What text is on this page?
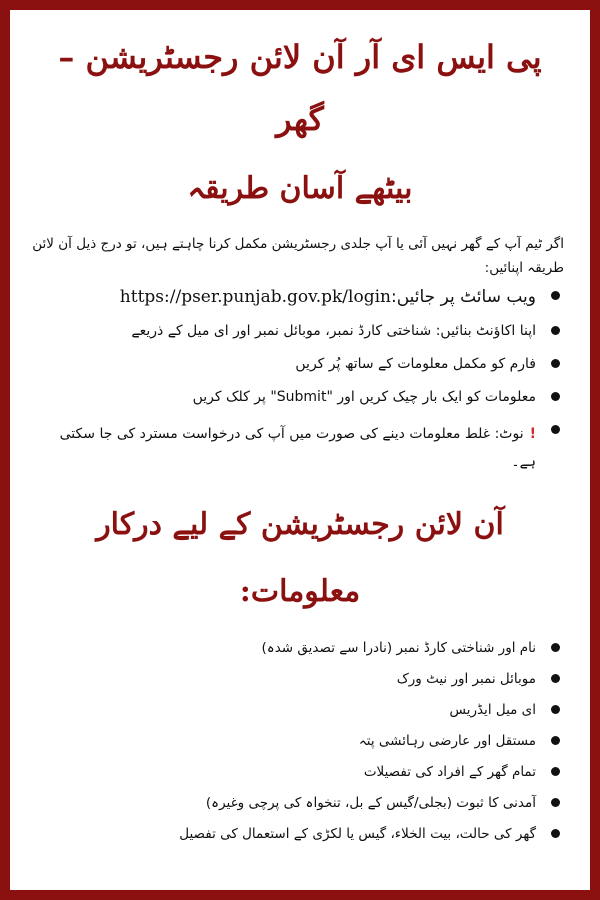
پی ایس ای آر آن لائن رجسٹریشن – گھر
بیٹھے آسان طریقہ

اگر ٹیم آپ کے گھر نہیں آئی یا آپ جلدی رجسٹریشن مکمل کرنا چاہتے ہیں، تو درج ذیل آن لائن طریقہ اپنائیں:

ویب سائٹ پر جائیں:https://pser.punjab.gov.pk/login
اپنا اکاؤنٹ بنائیں: شناختی کارڈ نمبر، موبائل نمبر اور ای میل کے ذریعے
فارم کو مکمل معلومات کے ساتھ پُر کریں
معلومات کو ایک بار چیک کریں اور "Submit" پر کلک کریں
!نوٹ: غلط معلومات دینے کی صورت میں آپ کی درخواست مسترد کی جا سکتی ہے۔
آن لائن رجسٹریشن کے لیے درکار
معلومات:
نام اور شناختی کارڈ نمبر (نادرا سے تصدیق شدہ)
موبائل نمبر اور نیٹ ورک
ای میل ایڈریس
مستقل اور عارضی رہائشی پتہ
تمام گھر کے افراد کی تفصیلات
آمدنی کا ثبوت (بجلی/گیس کے بل، تنخواہ کی پرچی وغیرہ)
گھر کی حالت، بیت الخلاء، گیس یا لکڑی کے استعمال کی تفصیل
